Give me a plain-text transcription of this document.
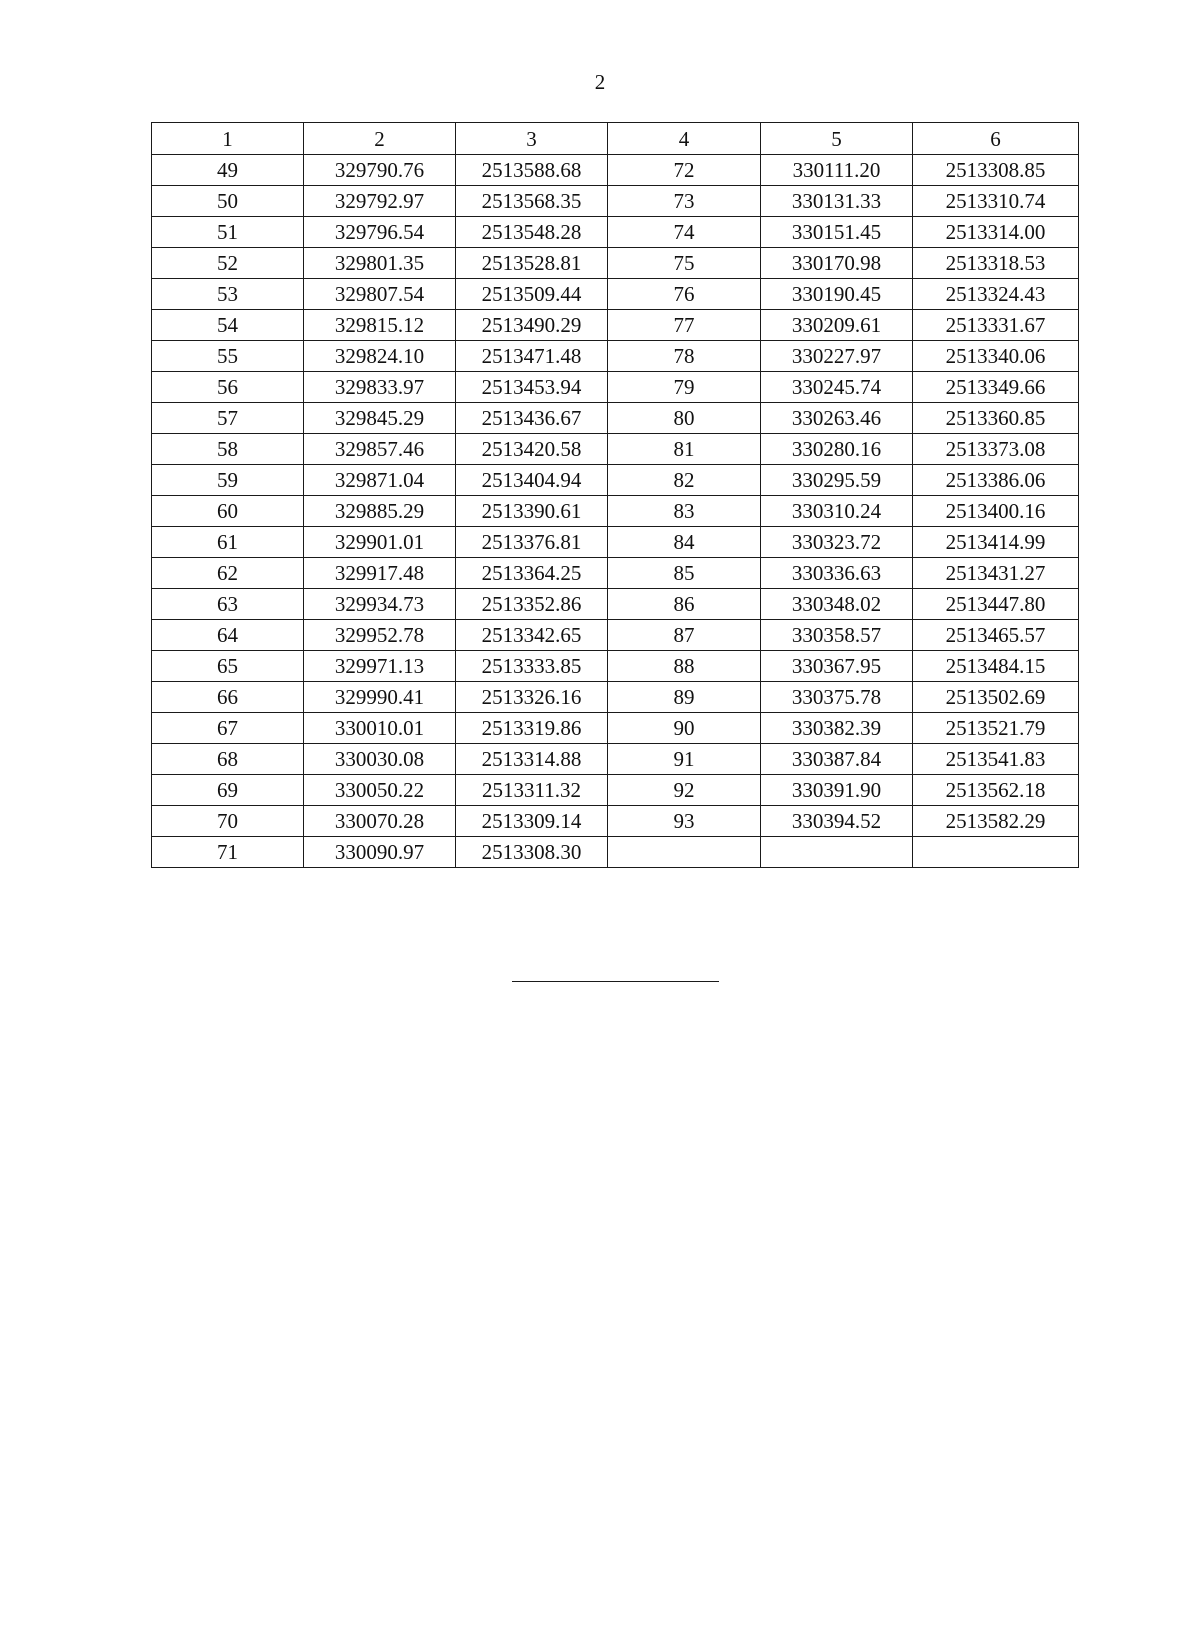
2
1	2	3	4	5	6
49	329790.76	2513588.68	72	330111.20	2513308.85
50	329792.97	2513568.35	73	330131.33	2513310.74
51	329796.54	2513548.28	74	330151.45	2513314.00
52	329801.35	2513528.81	75	330170.98	2513318.53
53	329807.54	2513509.44	76	330190.45	2513324.43
54	329815.12	2513490.29	77	330209.61	2513331.67
55	329824.10	2513471.48	78	330227.97	2513340.06
56	329833.97	2513453.94	79	330245.74	2513349.66
57	329845.29	2513436.67	80	330263.46	2513360.85
58	329857.46	2513420.58	81	330280.16	2513373.08
59	329871.04	2513404.94	82	330295.59	2513386.06
60	329885.29	2513390.61	83	330310.24	2513400.16
61	329901.01	2513376.81	84	330323.72	2513414.99
62	329917.48	2513364.25	85	330336.63	2513431.27
63	329934.73	2513352.86	86	330348.02	2513447.80
64	329952.78	2513342.65	87	330358.57	2513465.57
65	329971.13	2513333.85	88	330367.95	2513484.15
66	329990.41	2513326.16	89	330375.78	2513502.69
67	330010.01	2513319.86	90	330382.39	2513521.79
68	330030.08	2513314.88	91	330387.84	2513541.83
69	330050.22	2513311.32	92	330391.90	2513562.18
70	330070.28	2513309.14	93	330394.52	2513582.29
71	330090.97	2513308.30			
